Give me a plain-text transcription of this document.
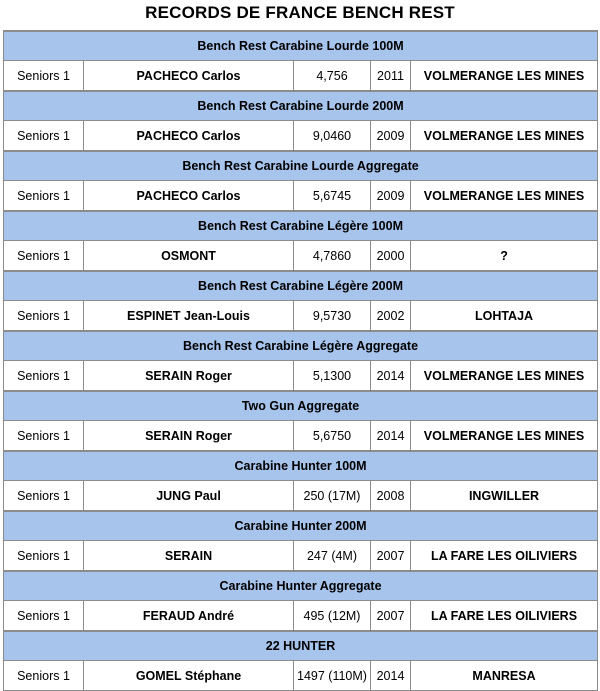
RECORDS DE FRANCE BENCH REST
Bench Rest Carabine Lourde 100M				
Seniors 1	PACHECO Carlos	4,756	2011	VOLMERANGE LES MINES
Bench Rest Carabine Lourde 200M				
Seniors 1	PACHECO Carlos	9,0460	2009	VOLMERANGE LES MINES
Bench Rest Carabine Lourde Aggregate				
Seniors 1	PACHECO Carlos	5,6745	2009	VOLMERANGE LES MINES
Bench Rest Carabine Légère 100M				
Seniors 1	OSMONT	4,7860	2000	?
Bench Rest Carabine Légère 200M				
Seniors 1	ESPINET Jean-Louis	9,5730	2002	LOHTAJA
Bench Rest Carabine Légère Aggregate				
Seniors 1	SERAIN Roger	5,1300	2014	VOLMERANGE LES MINES
Two Gun Aggregate				
Seniors 1	SERAIN Roger	5,6750	2014	VOLMERANGE LES MINES
Carabine Hunter 100M				
Seniors 1	JUNG Paul	250 (17M)	2008	INGWILLER
Carabine Hunter 200M				
Seniors 1	SERAIN	247 (4M)	2007	LA FARE LES OILIVIERS
Carabine Hunter Aggregate				
Seniors 1	FERAUD André	495 (12M)	2007	LA FARE LES OILIVIERS
22 HUNTER				
Seniors 1	GOMEL Stéphane	1497 (110M)	2014	MANRESA
